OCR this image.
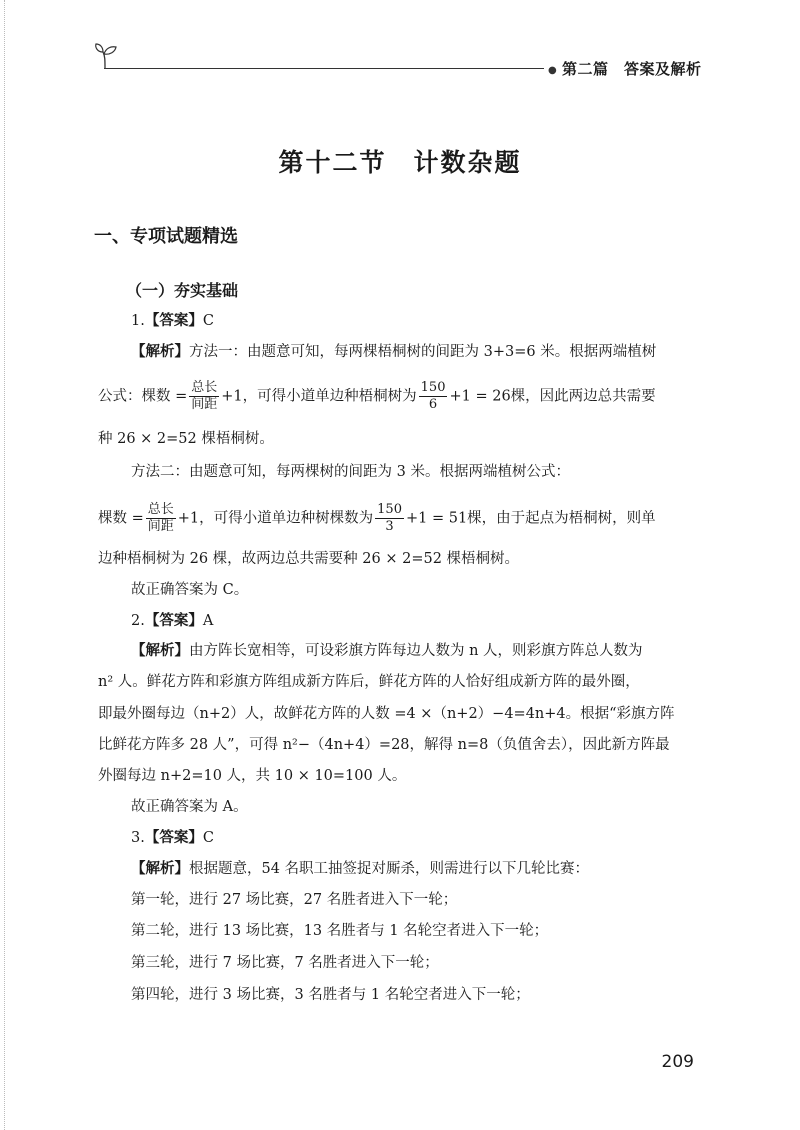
● 第二篇　答案及解析
第十二节　计数杂题
一、专项试题精选
（一）夯实基础
1.【答案】C
【解析】方法一：由题意可知，每两棵梧桐树的间距为 3+3=6 米。根据两端植树
公式：棵数 = $\frac{\text{总长}}{\text{间距}} +1$，可得小道单边种梧桐树为 $\frac{150}{6} +1 = 26$棵，因此两边总共需要
种 26 × 2=52 棵梧桐树。
方法二：由题意可知，每两棵树的间距为 3 米。根据两端植树公式：
棵数 = $\frac{\text{总长}}{\text{间距}} +1$，可得小道单边种树棵数为 $\frac{150}{3} +1 = 51$棵，由于起点为梧桐树，则单
边种梧桐树为 26 棵，故两边总共需要种 26 × 2=52 棵梧桐树。
故正确答案为 C。
2.【答案】A
【解析】由方阵长宽相等，可设彩旗方阵每边人数为 n 人，则彩旗方阵总人数为
n² 人。鲜花方阵和彩旗方阵组成新方阵后，鲜花方阵的人恰好组成新方阵的最外圈，
即最外圈每边（n+2）人，故鲜花方阵的人数 =4 ×（n+2）−4=4n+4。根据“彩旗方阵
比鲜花方阵多 28 人”，可得 n²−（4n+4）=28，解得 n=8（负值舍去），因此新方阵最
外圈每边 n+2=10 人，共 10 × 10=100 人。
故正确答案为 A。
3.【答案】C
【解析】根据题意，54 名职工抽签捉对厮杀，则需进行以下几轮比赛：
第一轮，进行 27 场比赛，27 名胜者进入下一轮；
第二轮，进行 13 场比赛，13 名胜者与 1 名轮空者进入下一轮；
第三轮，进行 7 场比赛，7 名胜者进入下一轮；
第四轮，进行 3 场比赛，3 名胜者与 1 名轮空者进入下一轮；
209
